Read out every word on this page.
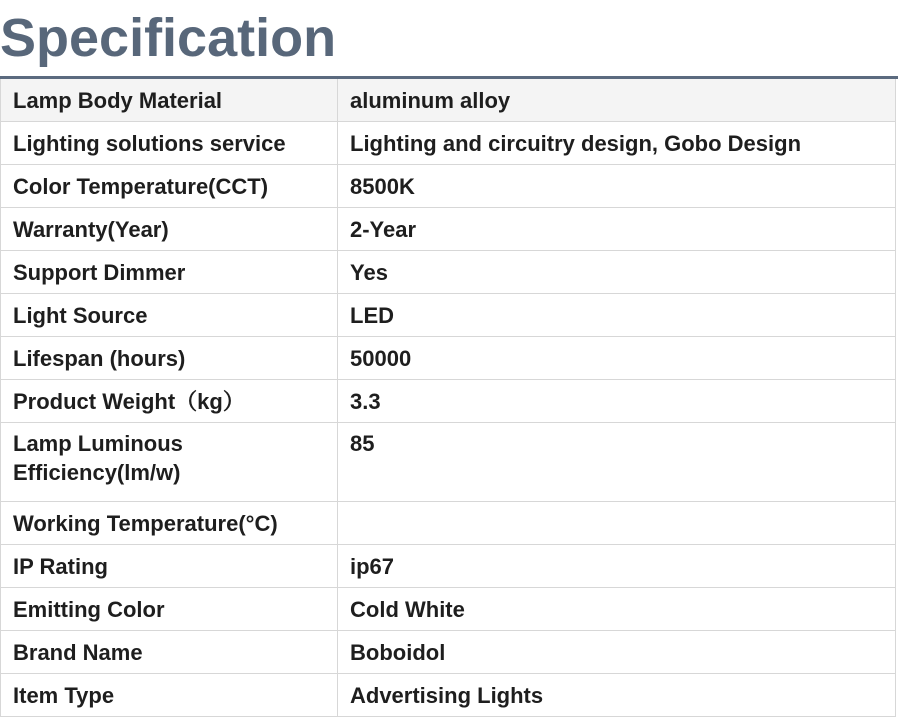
Specification
Lamp Body Material	aluminum alloy
Lighting solutions service	Lighting and circuitry design, Gobo Design
Color Temperature(CCT)	8500K
Warranty(Year)	2-Year
Support Dimmer	Yes
Light Source	LED
Lifespan (hours)	50000
Product Weight（kg）	3.3
Lamp Luminous Efficiency(lm/w)	85
Working Temperature(°C)	
IP Rating	ip67
Emitting Color	Cold White
Brand Name	Boboidol
Item Type	Advertising Lights
